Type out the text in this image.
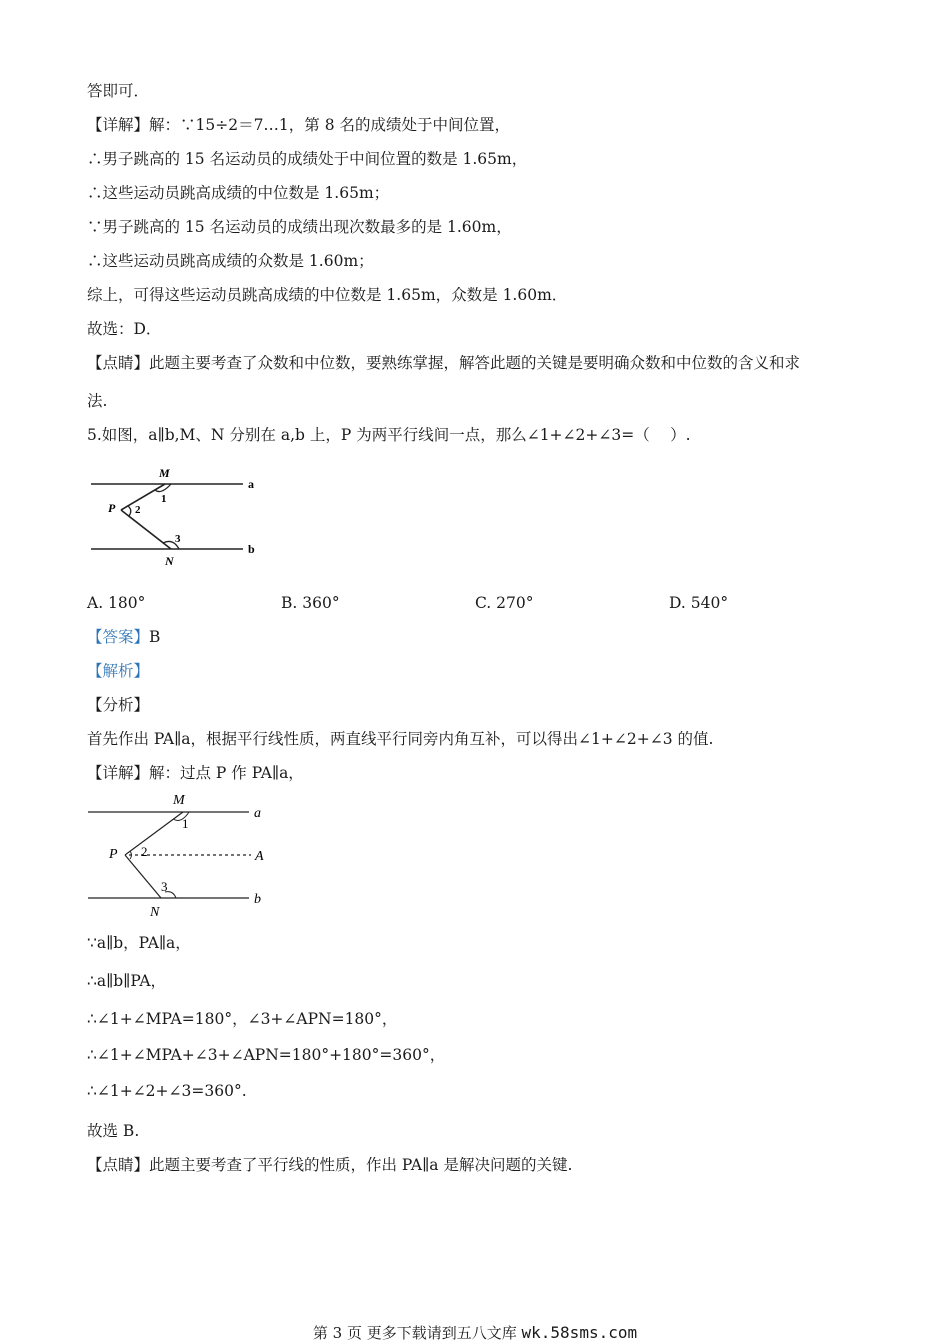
答即可．
【详解】解：∵15÷2＝7…1，第 8 名的成绩处于中间位置，
∴男子跳高的 15 名运动员的成绩处于中间位置的数是 1.65m，
∴这些运动员跳高成绩的中位数是 1.65m；
∵男子跳高的 15 名运动员的成绩出现次数最多的是 1.60m，
∴这些运动员跳高成绩的众数是 1.60m；
综上，可得这些运动员跳高成绩的中位数是 1.65m，众数是 1.60m．
故选：D．
【点睛】此题主要考查了众数和中位数，要熟练掌握，解答此题的关键是要明确众数和中位数的含义和求
法.
5.如图，a∥b,M、N 分别在 a,b 上，P 为两平行线间一点，那么∠1+∠2+∠3=（　 ）.
M
N
P
a
b
1
2
3
A. 180°	B. 360°	C. 270°	D. 540°
【答案】B
【解析】
【分析】
首先作出 PA∥a，根据平行线性质，两直线平行同旁内角互补，可以得出∠1+∠2+∠3 的值.
【详解】解：过点 P 作 PA∥a，
M
N
P	A
a
b
1
2
3
∵a∥b，PA∥a，
∴a∥b∥PA，
∴∠1+∠MPA=180°，∠3+∠APN=180°，
∴∠1+∠MPA+∠3+∠APN=180°+180°=360°，
∴∠1+∠2+∠3=360°.
故选 B.
【点睛】此题主要考查了平行线的性质，作出 PA∥a 是解决问题的关键.
第 3 页 更多下载请到五八文库 wk.58sms.com
